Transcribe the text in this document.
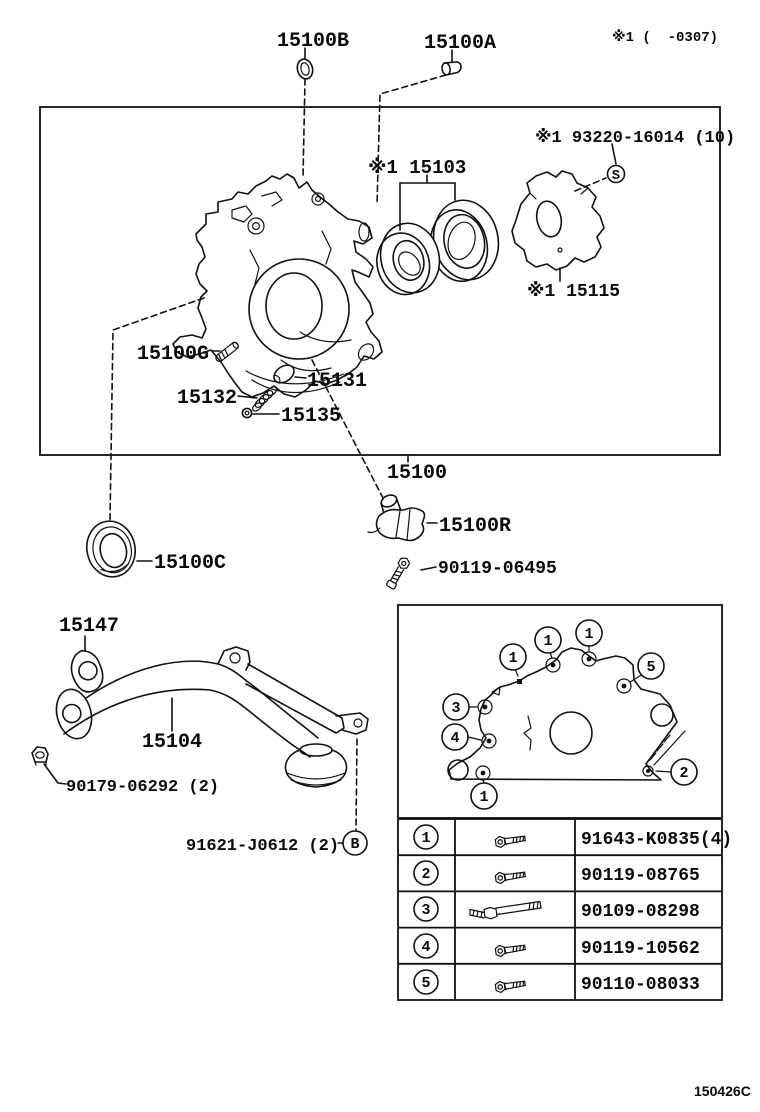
15100B	15100A	※1 (  -0307)
※1 93220-16014 (10)
※1 15103
※1 15115
15100G
15131
15132
15135
15100
15100R
90119-06495
15100C
15147
15104
90179-06292 (2)
91621-J0612 (2)
150426C
S
B
1
1 1
5
3
4
2
1
1	91643-K0835(4)
2	90119-08765
3	90109-08298
4	90119-10562
5	90110-08033
